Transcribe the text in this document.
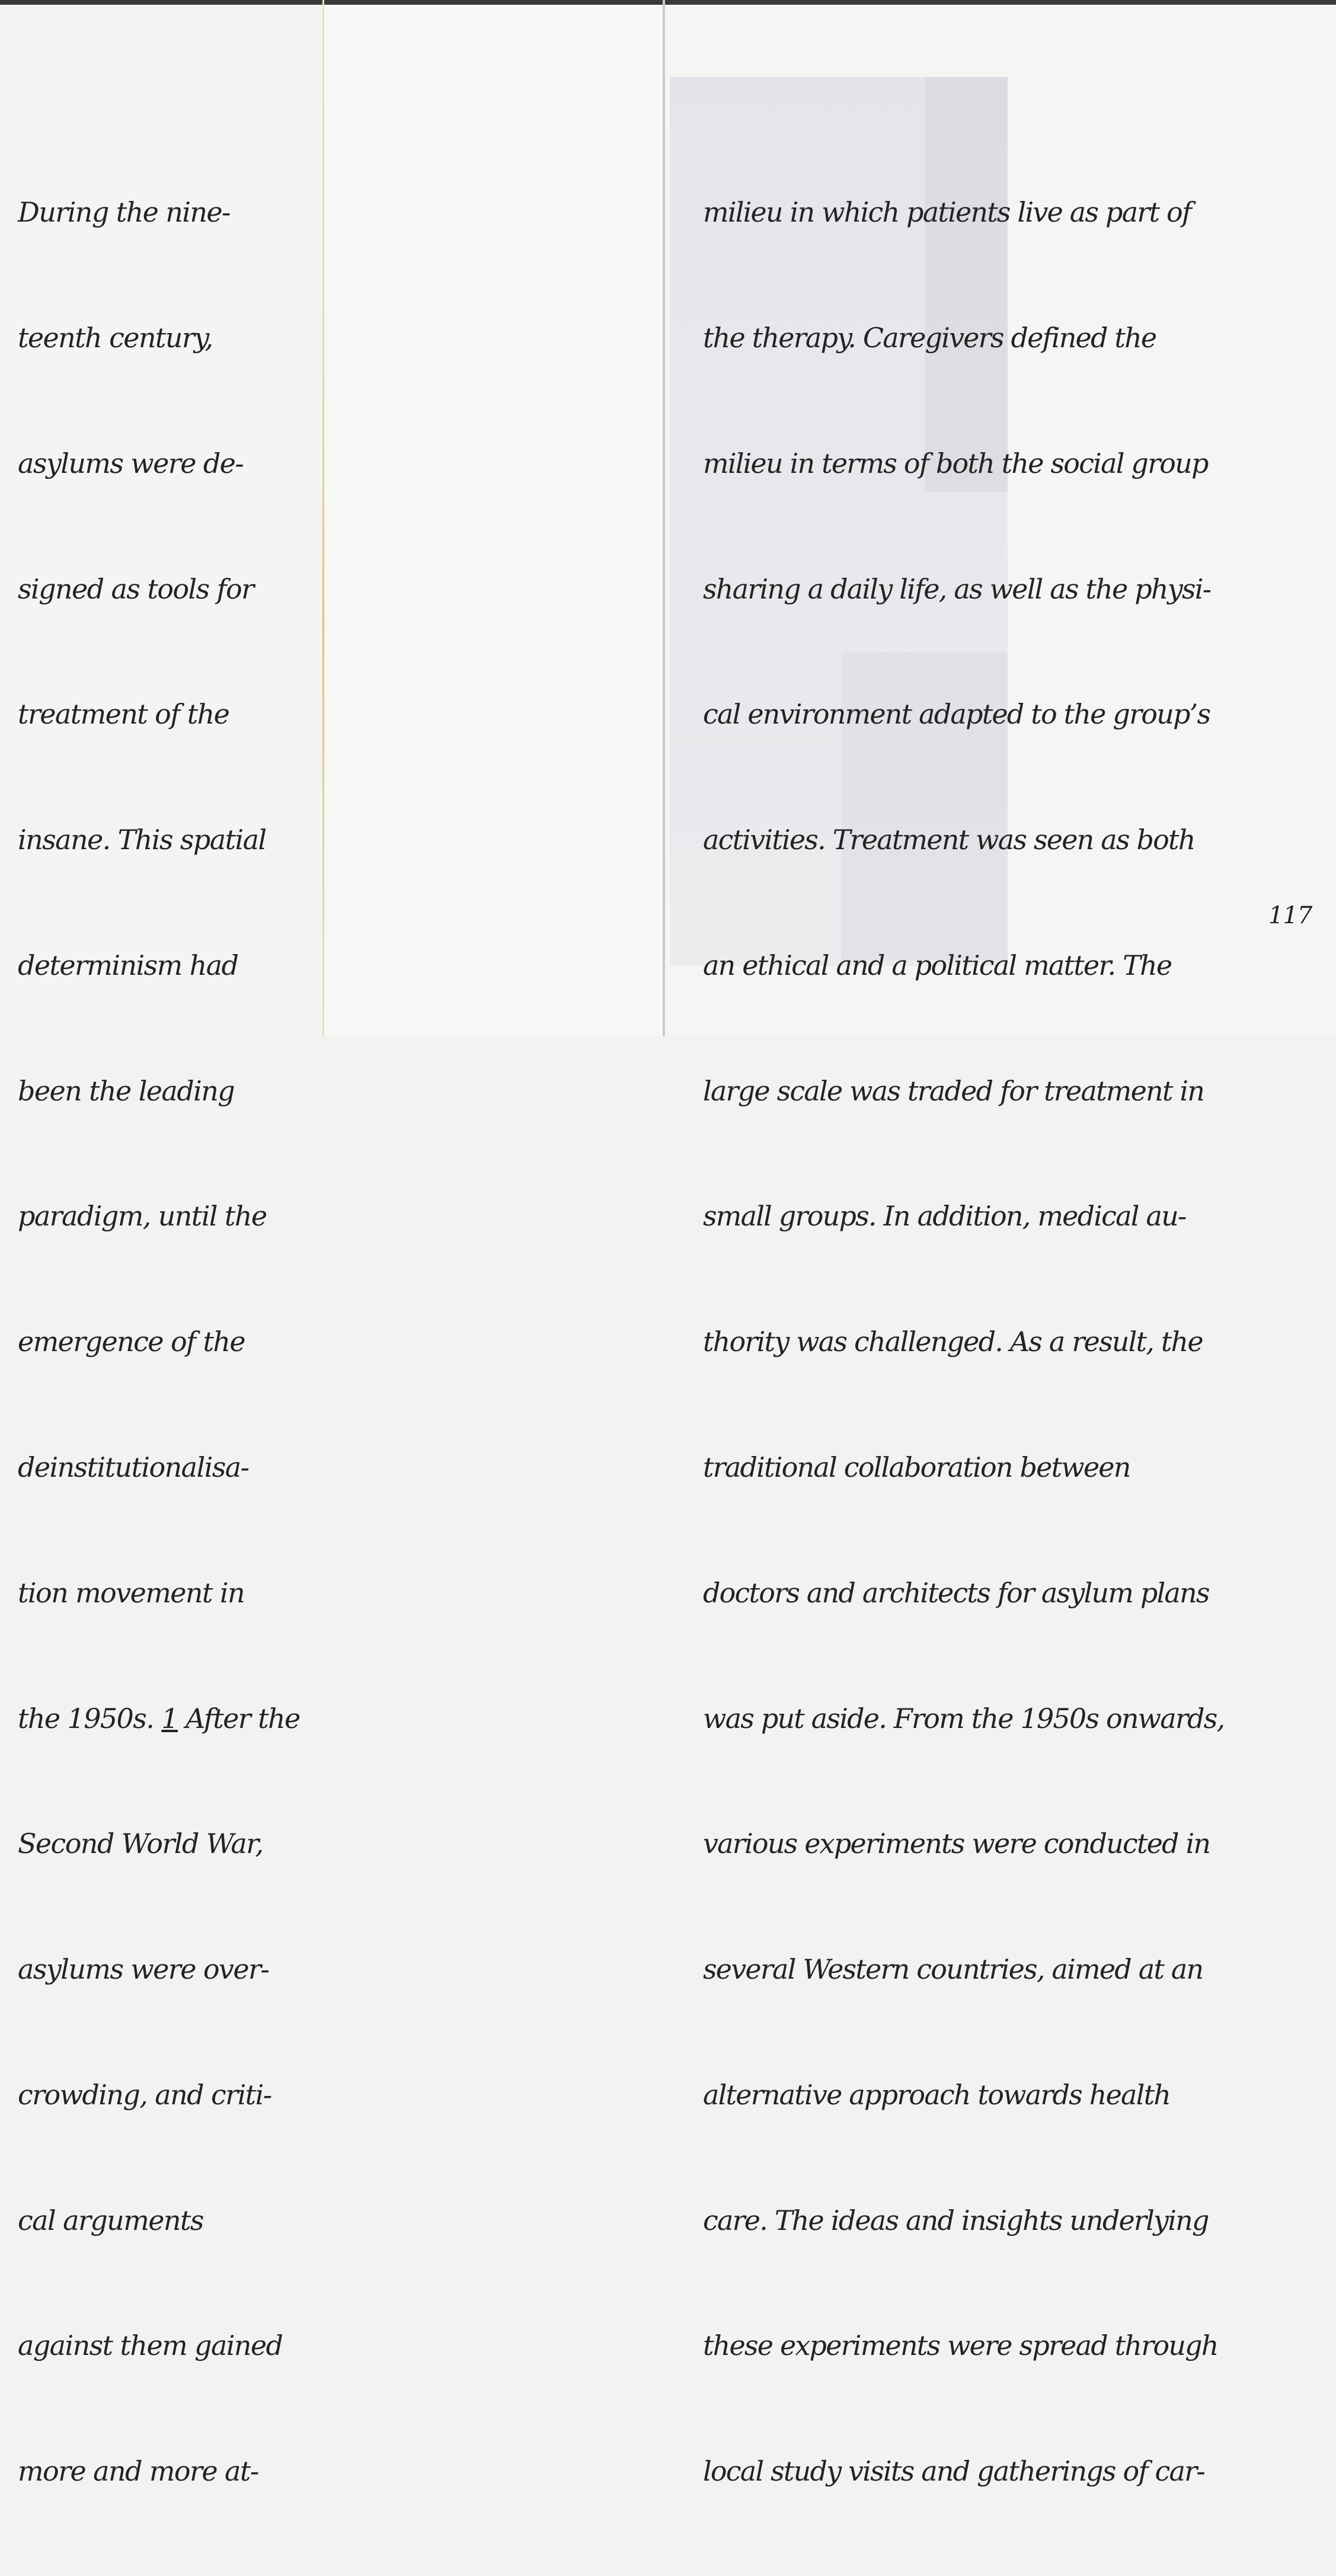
During the nine-

teenth century,

asylums were de-

signed as tools for

treatment of the

insane. This spatial

determinism had

been the leading

paradigm, until the

emergence of the

deinstitutionalisa-

tion movement in

the 1950s. 1 After the

Second World War,

asylums were over-

crowding, and criti-

cal arguments

against them gained

more and more at-

milieu in which patients live as part of

the therapy. Caregivers defined the

milieu in terms of both the social group

sharing a daily life, as well as the physi-

cal environment adapted to the group’s

activities. Treatment was seen as both

an ethical and a political matter. The

large scale was traded for treatment in

small groups. In addition, medical au-

thority was challenged. As a result, the

traditional collaboration between

doctors and architects for asylum plans

was put aside. From the 1950s onwards,

various experiments were conducted in

several Western countries, aimed at an

alternative approach towards health

care. The ideas and insights underlying

these experiments were spread through

local study visits and gatherings of car-

117
